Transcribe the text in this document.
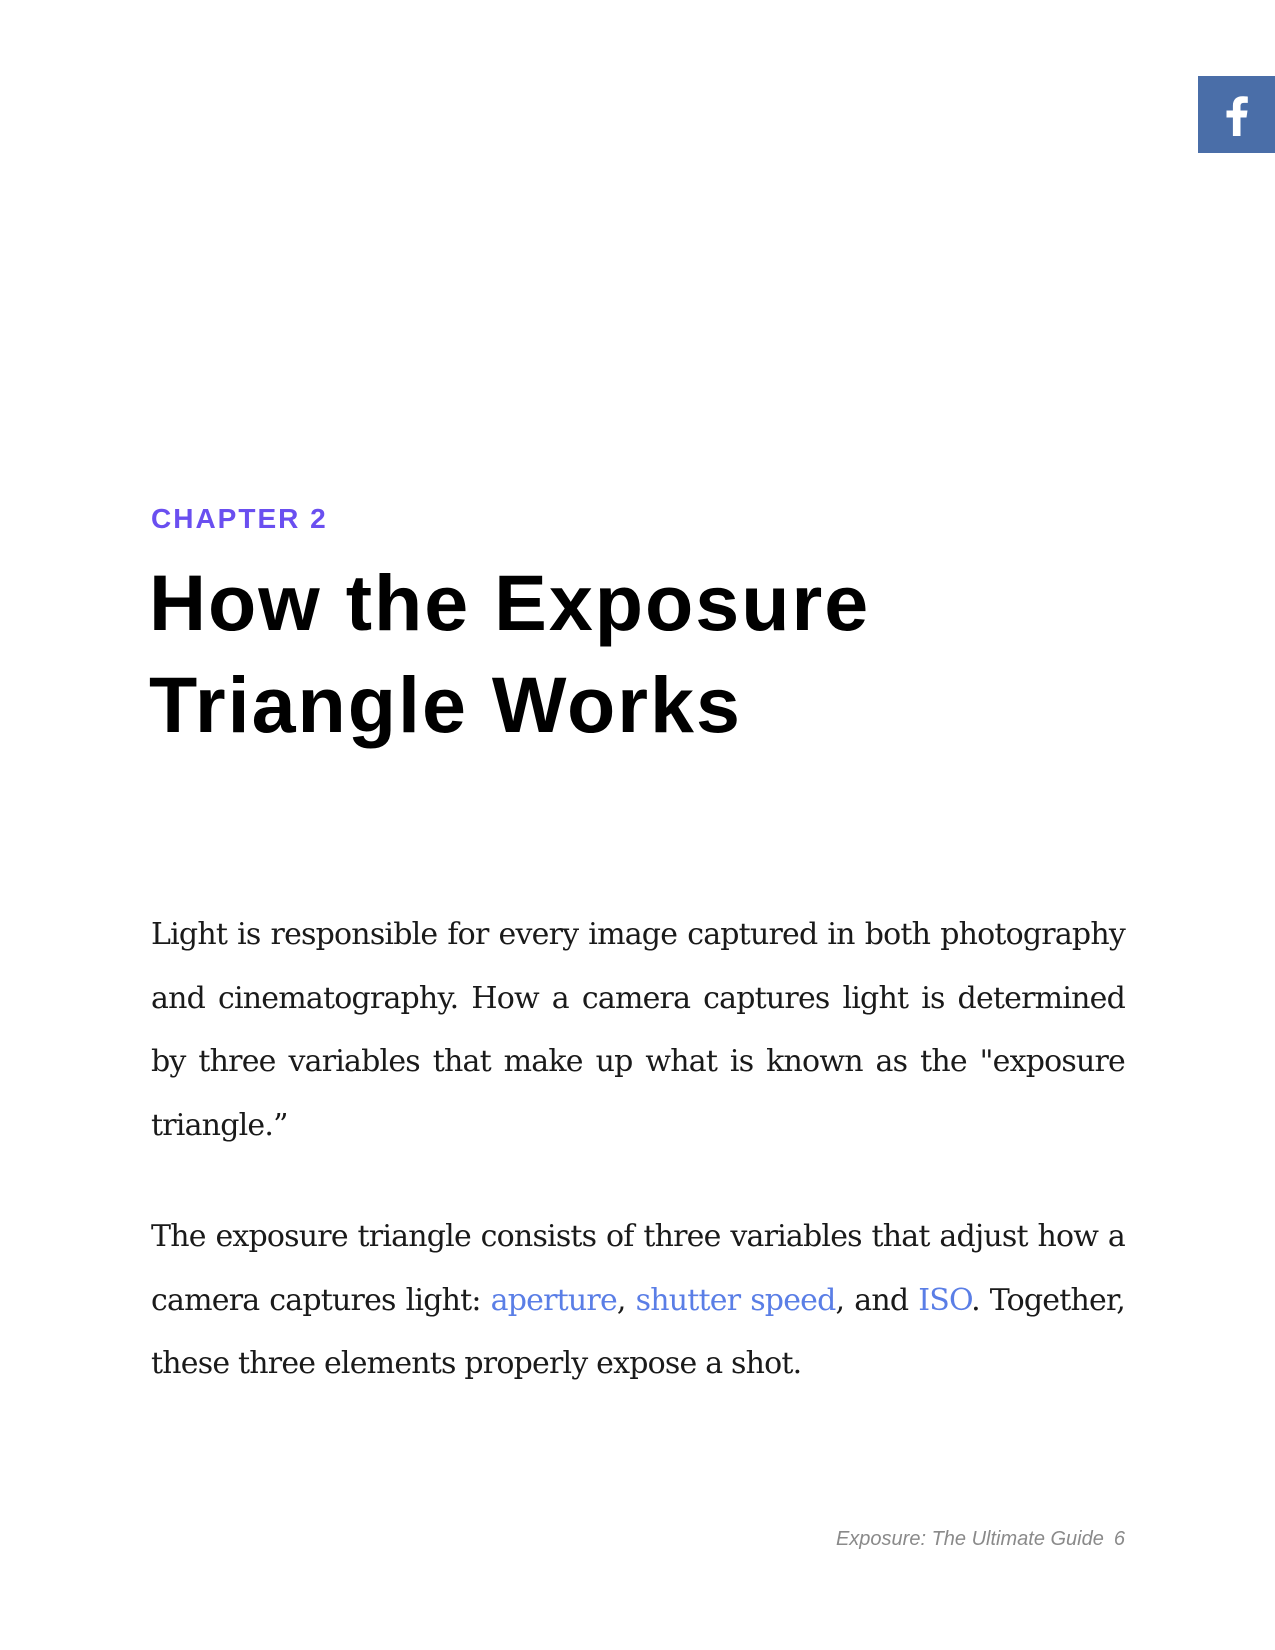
CHAPTER 2
How the Exposure
Triangle Works

Light is responsible for every image captured in both photography and cinematography. How a camera captures light is determined by three variables that make up what is known as the "exposure triangle.”

The exposure triangle consists of three variables that adjust how a camera captures light: aperture, shutter speed, and ISO. Together, these three elements properly expose a shot.

Exposure: The Ultimate Guide 6
